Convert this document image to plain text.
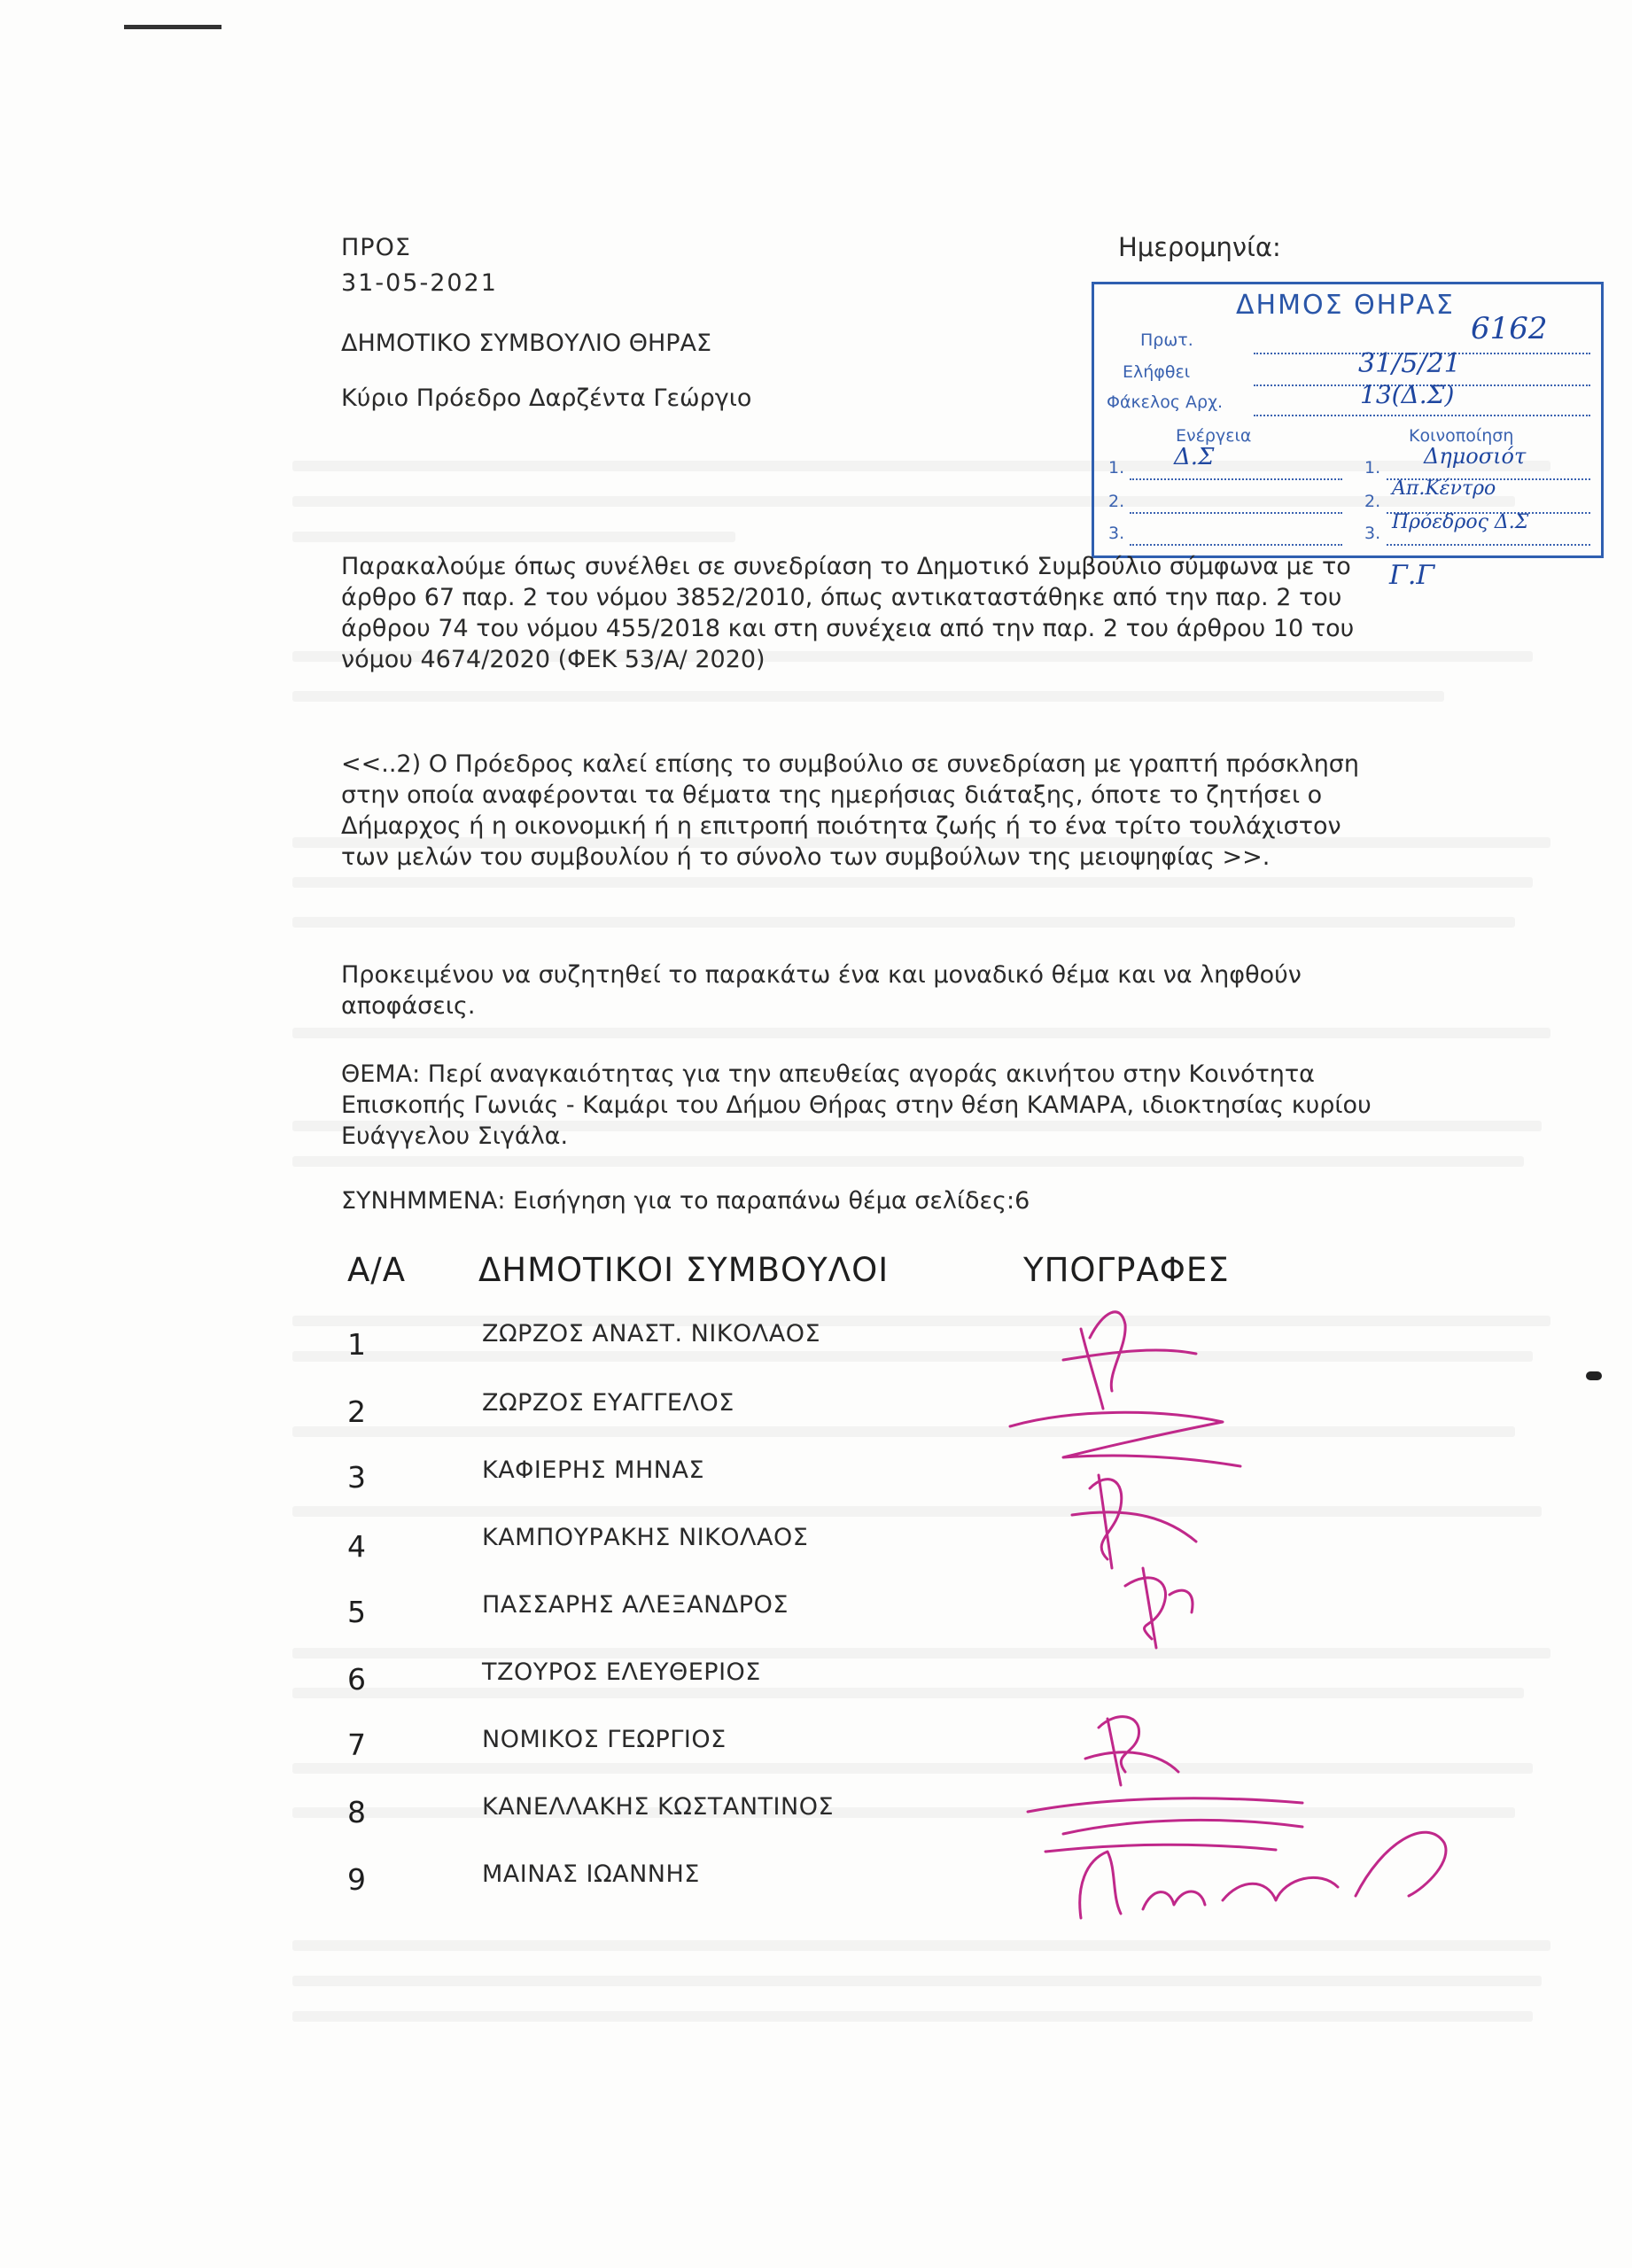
ΠΡΟΣ
31-05-2021
Ημερομηνία:
ΔΗΜΟΤΙΚΟ ΣΥΜΒΟΥΛΙΟ ΘΗΡΑΣ
Κύριο Πρόεδρο Δαρζέντα Γεώργιο
ΔΗΜΟΣ ΘΗΡΑΣ
Πρωτ.	6162
Ελήφθει	31/5/21
Φάκελος Αρχ.	13(Δ.Σ)
Ενέργεια	Κοινοποίηση
1.	1.
Δ.Σ	Δημοσιότ
2.	2.
Απ.Κέντρο
3.	3. Πρόεδρος Δ.Σ
Γ.Γ
Παρακαλούμε όπως συνέλθει σε συνεδρίαση το Δημοτικό Συμβούλιο σύμφωνα με το άρθρο 67 παρ. 2 του νόμου 3852/2010, όπως αντικαταστάθηκε από την παρ. 2 του άρθρου 74 του νόμου 455/2018 και στη συνέχεια από την παρ. 2 του άρθρου 10 του νόμου 4674/2020 (ΦΕΚ 53/Α/ 2020)
<<..2) Ο Πρόεδρος καλεί επίσης το συμβούλιο σε συνεδρίαση με γραπτή πρόσκληση στην οποία αναφέρονται τα θέματα της ημερήσιας διάταξης, όποτε το ζητήσει ο Δήμαρχος ή η οικονομική ή η επιτροπή ποιότητα ζωής ή το ένα τρίτο τουλάχιστον των μελών του συμβουλίου ή το σύνολο των συμβούλων της μειοψηφίας >>.
Προκειμένου να συζητηθεί το παρακάτω ένα και μοναδικό θέμα και να ληφθούν αποφάσεις.
ΘΕΜΑ: Περί αναγκαιότητας για την απευθείας αγοράς ακινήτου στην Κοινότητα Επισκοπής Γωνιάς - Καμάρι του Δήμου Θήρας στην θέση ΚΑΜΑΡΑ, ιδιοκτησίας κυρίου Ευάγγελου Σιγάλα.
ΣΥΝΗΜΜΕΝΑ: Εισήγηση για το παραπάνω θέμα σελίδες:6
Α/Α ΔΗΜΟΤΙΚΟΙ ΣΥΜΒΟΥΛΟΙ	ΥΠΟΓΡΑΦΕΣ
1	ΖΩΡΖΟΣ ΑΝΑΣΤ. ΝΙΚΟΛΑΟΣ
2	ΖΩΡΖΟΣ ΕΥΑΓΓΕΛΟΣ
3	ΚΑΦΙΕΡΗΣ ΜΗΝΑΣ
4	ΚΑΜΠΟΥΡΑΚΗΣ ΝΙΚΟΛΑΟΣ
5	ΠΑΣΣΑΡΗΣ ΑΛΕΞΑΝΔΡΟΣ
6	ΤΖΟΥΡΟΣ ΕΛΕΥΘΕΡΙΟΣ
7	ΝΟΜΙΚΟΣ ΓΕΩΡΓΙΟΣ
8	ΚΑΝΕΛΛΑΚΗΣ ΚΩΣΤΑΝΤΙΝΟΣ
9	ΜΑΙΝΑΣ ΙΩΑΝΝΗΣ
